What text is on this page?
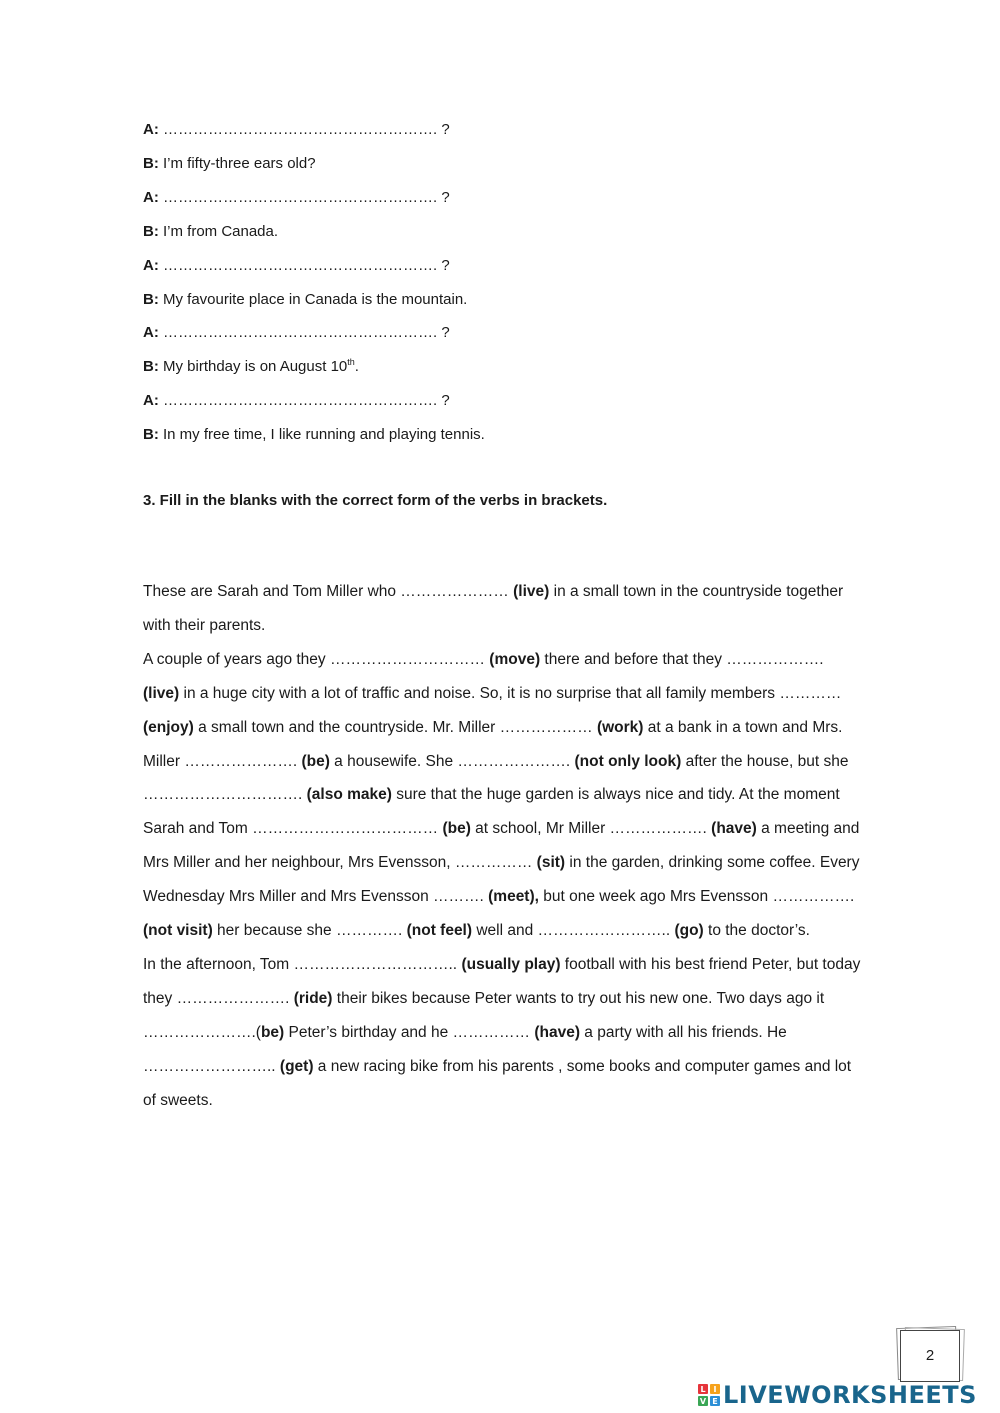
A: ………………………………………………. ?
B: I’m fifty-three ears old?
A: ………………………………………………. ?
B: I’m from Canada.
A: ………………………………………………. ?
B: My favourite place in Canada is the mountain.
A: ………………………………………………. ?
B: My birthday is on August 10th.
A: ………………………………………………. ?
B: In my free time, I like running and playing tennis.
3. Fill in the blanks with the correct form of the verbs in brackets.

These are Sarah and Tom Miller who ………………… (live) in a small town in the countryside together with their parents.

A couple of years ago they ………………………… (move) there and before that they ………………. (live) in a huge city with a lot of traffic and noise. So, it is no surprise that all family members ………… (enjoy) a small town and the countryside. Mr. Miller ……………… (work) at a bank in a town and Mrs. Miller …………………. (be) a housewife. She …………………. (not only look) after the house, but she …………………………. (also make) sure that the huge garden is always nice and tidy. At the moment Sarah and Tom ……………………………… (be) at school, Mr Miller ………………. (have) a meeting and Mrs Miller and her neighbour, Mrs Evensson, …………… (sit) in the garden, drinking some coffee. Every Wednesday Mrs Miller and Mrs Evensson ………. (meet), but one week ago Mrs Evensson ……………. (not visit) her because she …………. (not feel) well and …………………….. (go) to the doctor’s.

In the afternoon, Tom ………………………….. (usually play) football with his best friend Peter, but today they …………………. (ride) their bikes because Peter wants to try out his new one. Two days ago it ………………….(be) Peter’s birthday and he …………… (have) a party with all his friends. He …………………….. (get) a new racing bike from his parents , some books and computer games and lot of sweets.

2
L I
V E LIVEWORKSHEETS
